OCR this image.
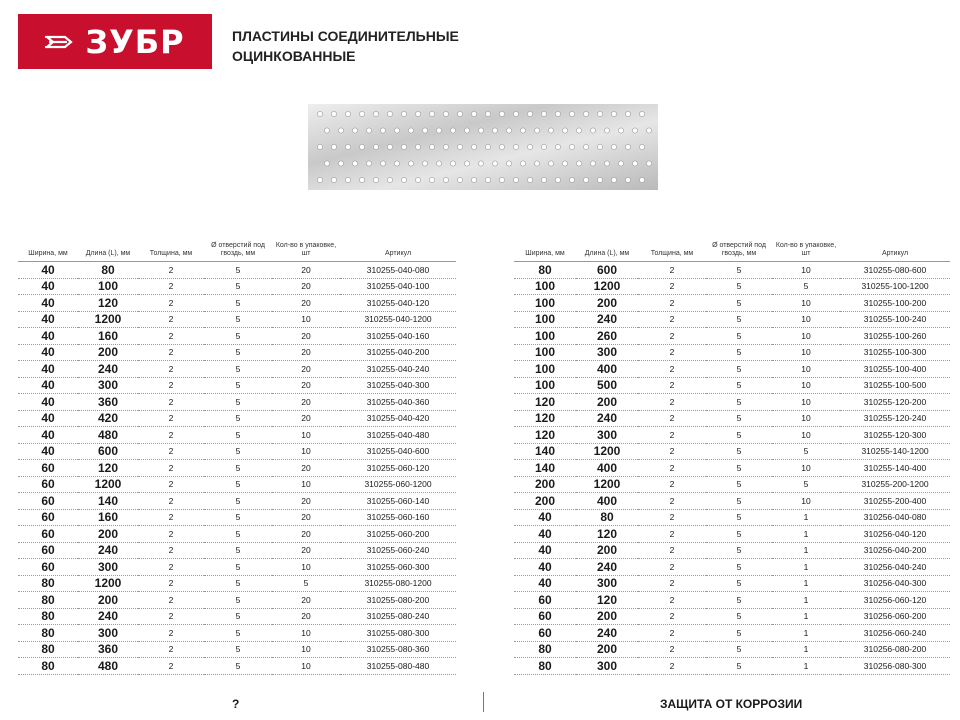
ЗУБР	ПЛАСТИНЫ СОЕДИНИТЕЛЬНЫЕ
ОЦИНКОВАННЫЕ
Ширина, мм	Длина (L), мм	Толщина, мм	Ø отверстий под гвоздь, мм	Кол-во в упаковке, шт	Артикул
40	80	2	5	20	310255-040-080
40	100	2	5	20	310255-040-100
40	120	2	5	20	310255-040-120
40	1200	2	5	10	310255-040-1200
40	160	2	5	20	310255-040-160
40	200	2	5	20	310255-040-200
40	240	2	5	20	310255-040-240
40	300	2	5	20	310255-040-300
40	360	2	5	20	310255-040-360
40	420	2	5	20	310255-040-420
40	480	2	5	10	310255-040-480
40	600	2	5	10	310255-040-600
60	120	2	5	20	310255-060-120
60	1200	2	5	10	310255-060-1200
60	140	2	5	20	310255-060-140
60	160	2	5	20	310255-060-160
60	200	2	5	20	310255-060-200
60	240	2	5	20	310255-060-240
60	300	2	5	10	310255-060-300
80	1200	2	5	5	310255-080-1200
80	200	2	5	20	310255-080-200
80	240	2	5	20	310255-080-240
80	300	2	5	10	310255-080-300
80	360	2	5	10	310255-080-360
80	480	2	5	10	310255-080-480
Ширина, мм	Длина (L), мм	Толщина, мм	Ø отверстий под гвоздь, мм	Кол-во в упаковке, шт	Артикул
80	600	2	5	10	310255-080-600
100	1200	2	5	5	310255-100-1200
100	200	2	5	10	310255-100-200
100	240	2	5	10	310255-100-240
100	260	2	5	10	310255-100-260
100	300	2	5	10	310255-100-300
100	400	2	5	10	310255-100-400
100	500	2	5	10	310255-100-500
120	200	2	5	10	310255-120-200
120	240	2	5	10	310255-120-240
120	300	2	5	10	310255-120-300
140	1200	2	5	5	310255-140-1200
140	400	2	5	10	310255-140-400
200	1200	2	5	5	310255-200-1200
200	400	2	5	10	310255-200-400
40	80	2	5	1	310256-040-080
40	120	2	5	1	310256-040-120
40	200	2	5	1	310256-040-200
40	240	2	5	1	310256-040-240
40	300	2	5	1	310256-040-300
60	120	2	5	1	310256-060-120
60	200	2	5	1	310256-060-200
60	240	2	5	1	310256-060-240
80	200	2	5	1	310256-080-200
80	300	2	5	1	310256-080-300
?	ЗАЩИТА ОТ КОРРОЗИИ
